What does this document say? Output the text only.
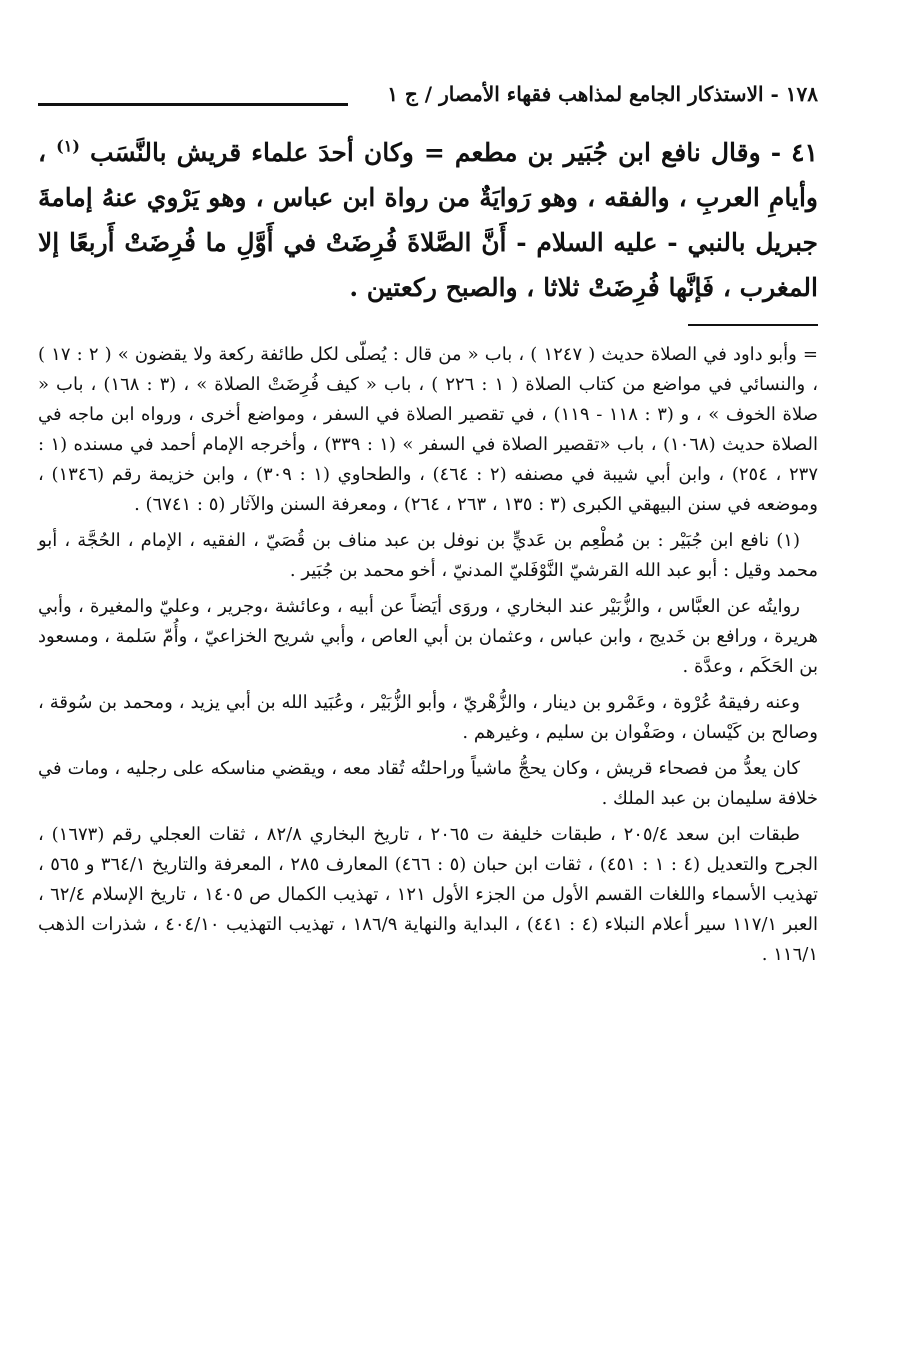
١٧٨ - الاستذكار الجامع لمذاهب فقهاء الأمصار / ج ١

٤١ - وقال نافع ابن جُبَير بن مطعم = وكان أحدَ علماء قريش بالنَّسَب $^{(١)}$ ، وأيامِ العربِ ، والفقه ، وهو رَوايَةٌ من رواة ابن عباس ، وهو يَرْوي عنهُ إمامةَ جبريل بالنبي - عليه السلام - أَنَّ الصَّلاةَ فُرِضَتْ في أَوَّلِ ما فُرِضَتْ أَربعًا إلا المغرب ، فَإنَّها فُرِضَتْ ثلاثا ، والصبح ركعتين .

= وأبو داود في الصلاة حديث ( ١٢٤٧ ) ، باب « من قال : يُصلّى لكل طائفة ركعة ولا يقضون » ( ٢ : ١٧ ) ، والنسائي في مواضع من كتاب الصلاة ( ١ : ٢٢٦ ) ، باب « كيف فُرِضَتْ الصلاة » ، (٣ : ١٦٨) ، باب « صلاة الخوف » ، و (٣ : ١١٨ - ١١٩) ، في تقصير الصلاة في السفر ، ومواضع أخرى ، ورواه ابن ماجه في الصلاة حديث (١٠٦٨) ، باب «تقصير الصلاة في السفر » (١ : ٣٣٩) ، وأخرجه الإمام أحمد في مسنده (١ : ٢٣٧ ، ٢٥٤) ، وابن أبي شيبة في مصنفه (٢ : ٤٦٤) ، والطحاوي (١ : ٣٠٩) ، وابن خزيمة رقم (١٣٤٦) ، وموضعه في سنن البيهقي الكبرى (٣ : ١٣٥ ، ٢٦٣ ، ٢٦٤) ، ومعرفة السنن والآثار (٥ : ٦٧٤١) .

(١) نافع ابن جُبَيْر : بن مُطْعِم بن عَديٍّ بن نوفل بن عبد مناف بن قُصَيّ ، الفقيه ، الإمام ، الحُجَّة ، أبو محمد وقيل : أبو عبد الله القرشيّ النَّوْفَليّ المدنيّ ، أخو محمد بن جُبَير .

روايتُه عن العبَّاس ، والزُّبَيْر عند البخاري ، وروَى أيَضاً عن أبيه ، وعائشة ،وجرير ، وعليّ والمغيرة ، وأبي هريرة ، ورافع بن خَديج ، وابن عباس ، وعثمان بن أبي العاص ، وأبي شريح الخزاعيّ ، وأُمّ سَلمة ، ومسعود بن الحَكَم ، وعدَّة .

وعنه رفيقهُ عُرْوة ، وعَمْرو بن دينار ، والزُّهْريّ ، وأبو الزُّبَيْر ، وعُبَيد الله بن أبي يزيد ، ومحمد بن سُوقة ، وصالح بن كَيْسان ، وصَفْوان بن سليم ، وغيرهم .

كان يعدُّ من فصحاء قريش ، وكان يحجُّ ماشياً وراحلتُه تُقاد معه ، ويقضي مناسكه على رجليه ، ومات في خلافة سليمان بن عبد الملك .

طبقات ابن سعد ٢٠٥/٤ ، طبقات خليفة ت ٢٠٦٥ ، تاريخ البخاري ٨٢/٨ ، ثقات العجلي رقم (١٦٧٣) ، الجرح والتعديل (٤ : ١ : ٤٥١) ، ثقات ابن حبان (٥ : ٤٦٦) المعارف ٢٨٥ ، المعرفة والتاريخ ٣٦٤/١ و ٥٦٥ ، تهذيب الأسماء واللغات القسم الأول من الجزء الأول ١٢١ ، تهذيب الكمال ص ١٤٠٥ ، تاريخ الإسلام ٦٢/٤ ، العبر ١١٧/١ سير أعلام النبلاء (٤ : ٤٤١) ، البداية والنهاية ١٨٦/٩ ، تهذيب التهذيب ٤٠٤/١٠ ، شذرات الذهب ١١٦/١ .
